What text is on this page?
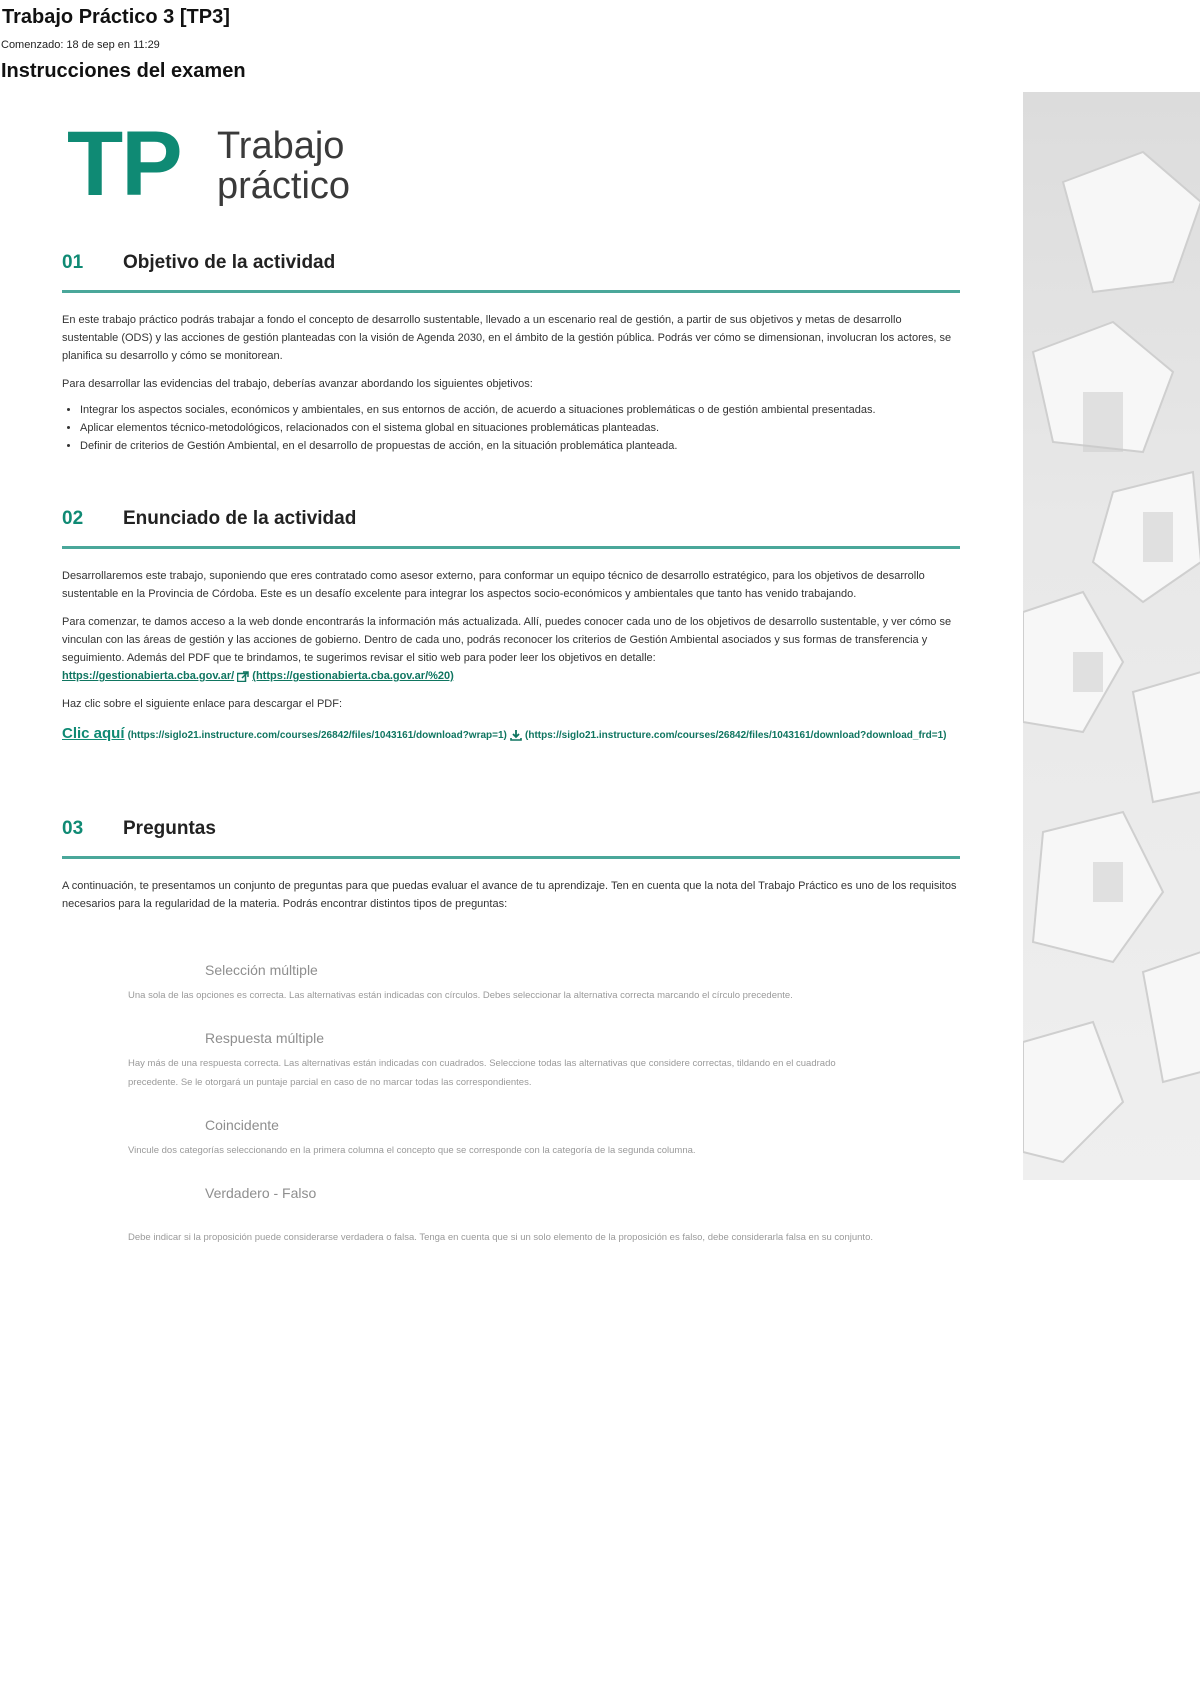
Trabajo Práctico 3 [TP3]
Comenzado: 18 de sep en 11:29
Instrucciones del examen
TP Trabajo
práctico
01	Objetivo de la actividad

En este trabajo práctico podrás trabajar a fondo el concepto de desarrollo sustentable, llevado a un escenario real de gestión, a partir de sus objetivos y metas de desarrollo sustentable (ODS) y las acciones de gestión planteadas con la visión de Agenda 2030, en el ámbito de la gestión pública. Podrás ver cómo se dimensionan, involucran los actores, se planifica su desarrollo y cómo se monitorean.

Para desarrollar las evidencias del trabajo, deberías avanzar abordando los siguientes objetivos:

• Integrar los aspectos sociales, económicos y ambientales, en sus entornos de acción, de acuerdo a situaciones problemáticas o de gestión ambiental presentadas.
• Aplicar elementos técnico-metodológicos, relacionados con el sistema global en situaciones problemáticas planteadas.
• Definir de criterios de Gestión Ambiental, en el desarrollo de propuestas de acción, en la situación problemática planteada.
02	Enunciado de la actividad

Desarrollaremos este trabajo, suponiendo que eres contratado como asesor externo, para conformar un equipo técnico de desarrollo estratégico, para los objetivos de desarrollo sustentable en la Provincia de Córdoba. Este es un desafío excelente para integrar los aspectos socio-económicos y ambientales que tanto has venido trabajando.

Para comenzar, te damos acceso a la web donde encontrarás la información más actualizada. Allí, puedes conocer cada uno de los objetivos de desarrollo sustentable, y ver cómo se vinculan con las áreas de gestión y las acciones de gobierno. Dentro de cada uno, podrás reconocer los criterios de Gestión Ambiental asociados y sus formas de transferencia y seguimiento. Además del PDF que te brindamos, te sugerimos revisar el sitio web para poder leer los objetivos en detalle:
https://gestionabierta.cba.gov.ar/ (https://gestionabierta.cba.gov.ar/%20)

Haz clic sobre el siguiente enlace para descargar el PDF:

Clic aquí (https://siglo21.instructure.com/courses/26842/files/1043161/download?wrap=1) (https://siglo21.instructure.com/courses/26842/files/1043161/download?download_frd=1)

03	Preguntas

A continuación, te presentamos un conjunto de preguntas para que puedas evaluar el avance de tu aprendizaje. Ten en cuenta que la nota del Trabajo Práctico es uno de los requisitos necesarios para la regularidad de la materia. Podrás encontrar distintos tipos de preguntas:

Selección múltiple
Una sola de las opciones es correcta. Las alternativas están indicadas con círculos. Debes seleccionar la alternativa correcta marcando el círculo precedente.
Respuesta múltiple
Hay más de una respuesta correcta. Las alternativas están indicadas con cuadrados. Seleccione todas las alternativas que considere correctas, tildando en el cuadrado precedente. Se le otorgará un puntaje parcial en caso de no marcar todas las correspondientes.
Coincidente
Vincule dos categorías seleccionando en la primera columna el concepto que se corresponde con la categoría de la segunda columna.
Verdadero - Falso
Debe indicar si la proposición puede considerarse verdadera o falsa. Tenga en cuenta que si un solo elemento de la proposición es falso, debe considerarla falsa en su conjunto.
